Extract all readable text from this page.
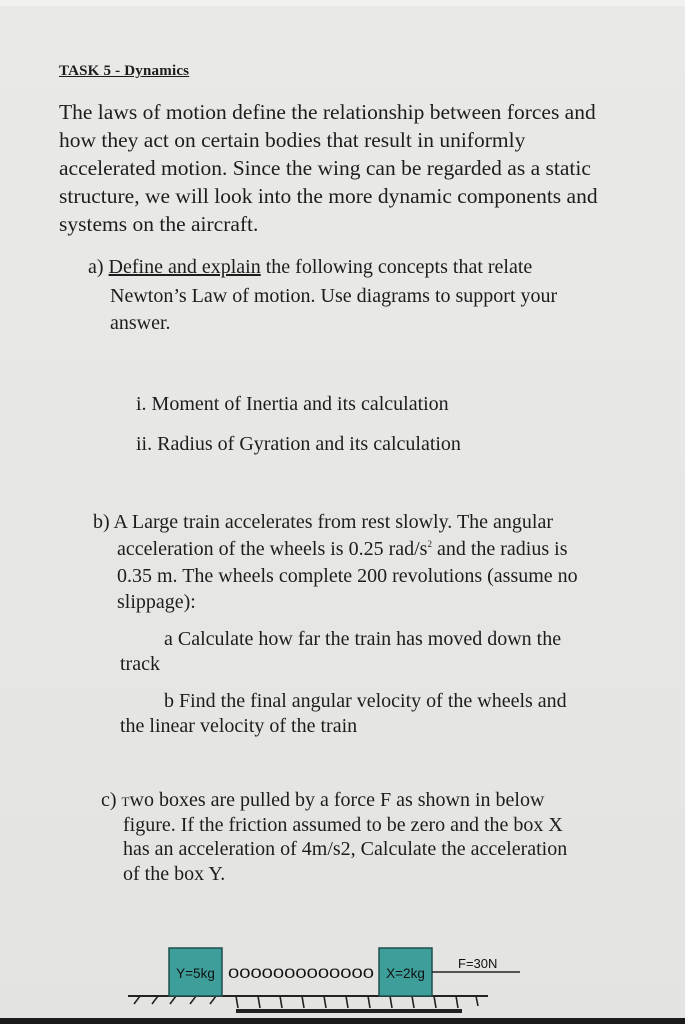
TASK 5 - Dynamics
The laws of motion define the relationship between forces and
how they act on certain bodies that result in uniformly
accelerated motion. Since the wing can be regarded as a static
structure, we will look into the more dynamic components and
systems on the aircraft.
a) Define and explain the following concepts that relate
Newton’s Law of motion. Use diagrams to support your
answer.
i. Moment of Inertia and its calculation
ii. Radius of Gyration and its calculation
b) A Large train accelerates from rest slowly. The angular
acceleration of the wheels is 0.25 rad/$s^2$ and the radius is
0.35 m. The wheels complete 200 revolutions (assume no
slippage):
a Calculate how far the train has moved down the
track
b Find the final angular velocity of the wheels and
the linear velocity of the train
c) Two boxes are pulled by a force F as shown in below
figure. If the friction assumed to be zero and the box X
has an acceleration of 4m/s2, Calculate the acceleration
of the box Y.
Y=5kg 0000000000000 X=2kg
F=30N
